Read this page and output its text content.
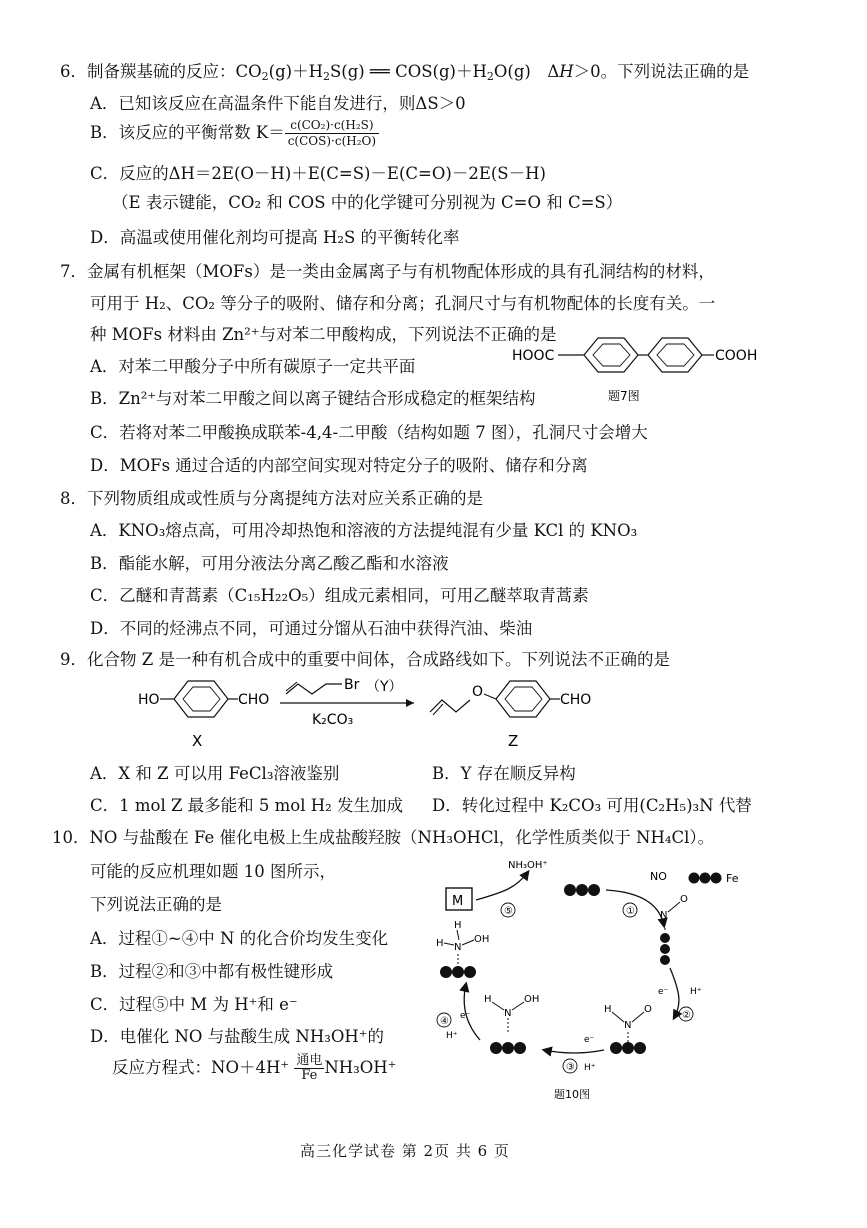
6．制备羰基硫的反应：$CO_2(g)+H_2S(g)$ ══ $COS(g)+H_2O(g)$　ΔH＞0。下列说法正确的是
A．已知该反应在高温条件下能自发进行，则ΔS＞0
B．该反应的平衡常数 $K= \frac{\text{c(CO₂)·c(H₂S)}}{\text{c(COS)·c(H₂O)}}$
C．反应的ΔH＝2E(O－H)＋E(C=S)－E(C=O)－2E(S－H)
（E 表示键能，CO₂ 和 COS 中的化学键可分别视为 C=O 和 C=S）
D．高温或使用催化剂均可提高 H₂S 的平衡转化率
7．金属有机框架（MOFs）是一类由金属离子与有机物配体形成的具有孔洞结构的材料，
可用于 H₂、CO₂ 等分子的吸附、储存和分离；孔洞尺寸与有机物配体的长度有关。一
种 MOFs 材料由 Zn²⁺与对苯二甲酸构成，下列说法不正确的是
A．对苯二甲酸分子中所有碳原子一定共平面
B．Zn²⁺与对苯二甲酸之间以离子键结合形成稳定的框架结构
C．若将对苯二甲酸换成联苯-4,4-二甲酸（结构如题 7 图），孔洞尺寸会增大
D．MOFs 通过合适的内部空间实现对特定分子的吸附、储存和分离
HOOC	COOH
题7图
8．下列物质组成或性质与分离提纯方法对应关系正确的是
A．KNO₃熔点高，可用冷却热饱和溶液的方法提纯混有少量 KCl 的 KNO₃
B．酯能水解，可用分液法分离乙酸乙酯和水溶液
C．乙醚和青蒿素（C₁₅H₂₂O₅）组成元素相同，可用乙醚萃取青蒿素
D．不同的烃沸点不同，可通过分馏从石油中获得汽油、柴油
9．化合物 Z 是一种有机合成中的重要中间体，合成路线如下。下列说法不正确的是
HO	CHO
X
Br （Y）
K₂CO₃
O	CHO
Z
A．X 和 Z 可以用 FeCl₃溶液鉴别	B．Y 存在顺反异构
C．1 mol Z 最多能和 5 mol H₂ 发生加成 D．转化过程中 K₂CO₃ 可用(C₂H₅)₃N 代替
10．NO 与盐酸在 Fe 催化电极上生成盐酸羟胺（NH₃OHCl，化学性质类似于 NH₄Cl）。
可能的反应机理如题 10 图所示，
下列说法正确的是
A．过程①~④中 N 的化合价均发生变化
B．过程②和③中都有极性键形成
C．过程⑤中 M 为 H⁺和 e⁻
D．电催化 NO 与盐酸生成 NH₃OH⁺的
反应方程式：NO＋4H⁺ 通电
Fe NH₃OH⁺
M
NH₃OH⁺
⑤
NO	Fe
①	N
O
e⁻ H⁺
②
H
N
O
e⁻
③ H⁺
H
N
OH
④ e⁻
H⁺
H
H N
OH
题10图
高三化学试卷 第 2页 共 6 页
